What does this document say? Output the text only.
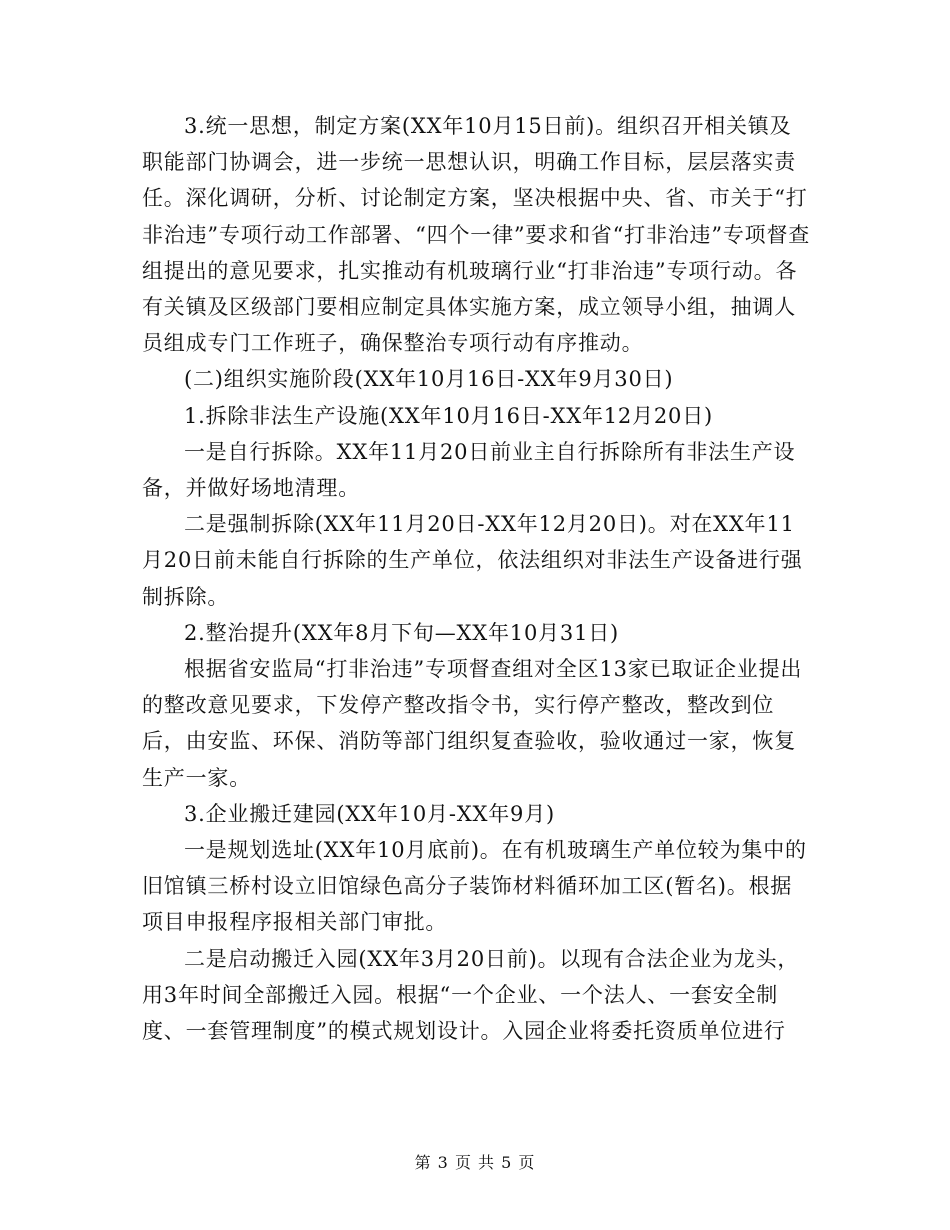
3.统一思想，制定方案(XX年10月15日前)。组织召开相关镇及职能部门协调会，进一步统一思想认识，明确工作目标，层层落实责任。深化调研，分析、讨论制定方案，坚决根据中央、省、市关于“打非治违”专项行动工作部署、“四个一律”要求和省“打非治违”专项督查组提出的意见要求，扎实推动有机玻璃行业“打非治违”专项行动。各有关镇及区级部门要相应制定具体实施方案，成立领导小组，抽调人员组成专门工作班子，确保整治专项行动有序推动。

(二)组织实施阶段(XX年10月16日-XX年9月30日)

1.拆除非法生产设施(XX年10月16日-XX年12月20日)

一是自行拆除。XX年11月20日前业主自行拆除所有非法生产设备，并做好场地清理。

二是强制拆除(XX年11月20日-XX年12月20日)。对在XX年11月20日前未能自行拆除的生产单位，依法组织对非法生产设备进行强制拆除。

2.整治提升(XX年8月下旬—XX年10月31日)

根据省安监局“打非治违”专项督查组对全区13家已取证企业提出的整改意见要求，下发停产整改指令书，实行停产整改，整改到位后，由安监、环保、消防等部门组织复查验收，验收通过一家，恢复生产一家。

3.企业搬迁建园(XX年10月-XX年9月)

一是规划选址(XX年10月底前)。在有机玻璃生产单位较为集中的旧馆镇三桥村设立旧馆绿色高分子装饰材料循环加工区(暂名)。根据项目申报程序报相关部门审批。

二是启动搬迁入园(XX年3月20日前)。以现有合法企业为龙头，用3年时间全部搬迁入园。根据“一个企业、一个法人、一套安全制度、一套管理制度”的模式规划设计。入园企业将委托资质单位进行

第 3 页 共 5 页
